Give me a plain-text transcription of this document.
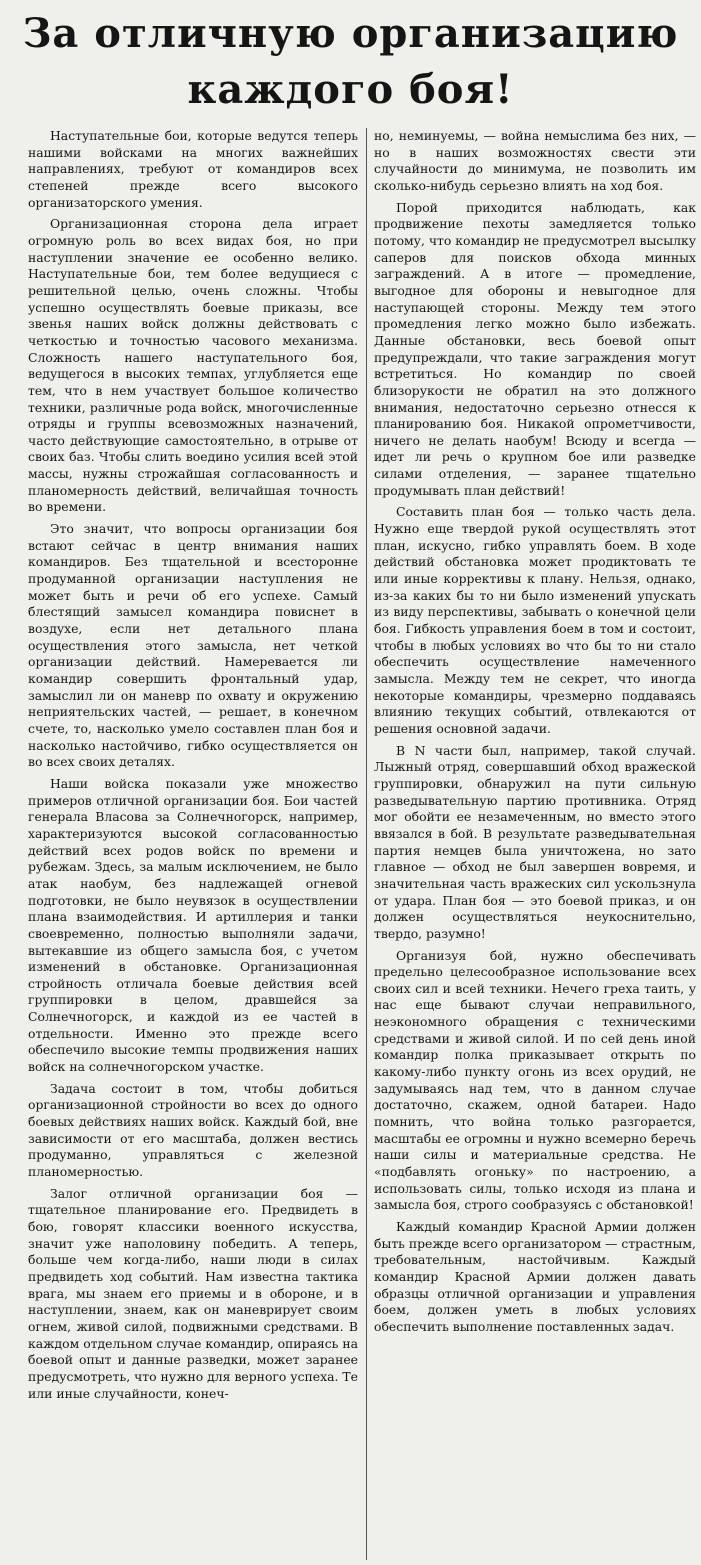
За отличную организацию
каждого боя!

Наступательные бои, которые ведутся теперь нашими войсками на многих важнейших направлениях, требуют от командиров всех степеней прежде всего высокого организаторского умения.

Организационная сторона дела играет огромную роль во всех видах боя, но при наступлении значение ее особенно велико. Наступательные бои, тем более ведущиеся с решительной целью, очень сложны. Чтобы успешно осуществлять боевые приказы, все звенья наших войск должны действовать с четкостью и точностью часового механизма. Сложность нашего наступательного боя, ведущегося в высоких темпах, углубляется еще тем, что в нем участвует большое количество техники, различные рода войск, многочисленные отряды и группы всевозможных назначений, часто действующие самостоятельно, в отрыве от своих баз. Чтобы слить воедино усилия всей этой массы, нужны строжайшая согласованность и планомерность действий, величайшая точность во времени.

Это значит, что вопросы организации боя встают сейчас в центр внимания наших командиров. Без тщательной и всесторонне продуманной организации наступления не может быть и речи об его успехе. Самый блестящий замысел командира повиснет в воздухе, если нет детального плана осуществления этого замысла, нет четкой организации действий. Намеревается ли командир совершить фронтальный удар, замыслил ли он маневр по охвату и окружению неприятельских частей, — решает, в конечном счете, то, насколько умело составлен план боя и насколько настойчиво, гибко осуществляется он во всех своих деталях.

Наши войска показали уже множество примеров отличной организации боя. Бои частей генерала Власова за Солнечногорск, например, характеризуются высокой согласованностью действий всех родов войск по времени и рубежам. Здесь, за малым исключением, не было атак наобум, без надлежащей огневой подготовки, не было неувязок в осуществлении плана взаимодействия. И артиллерия и танки своевременно, полностью выполняли задачи, вытекавшие из общего замысла боя, с учетом изменений в обстановке. Организационная стройность отличала боевые действия всей группировки в целом, дравшейся за Солнечногорск, и каждой из ее частей в отдельности. Именно это прежде всего обеспечило высокие темпы продвижения наших войск на солнечногорском участке.

Задача состоит в том, чтобы добиться организационной стройности во всех до одного боевых действиях наших войск. Каждый бой, вне зависимости от его масштаба, должен вестись продуманно, управляться с железной планомерностью.

Залог отличной организации боя — тщательное планирование его. Предвидеть в бою, говорят классики военного искусства, значит уже наполовину победить. А теперь, больше чем когда-либо, наши люди в силах предвидеть ход событий. Нам известна тактика врага, мы знаем его приемы и в обороне, и в наступлении, знаем, как он маневрирует своим огнем, живой силой, подвижными средствами. В каждом отдельном случае командир, опираясь на боевой опыт и данные разведки, может заранее предусмотреть, что нужно для верного успеха. Те или иные случайности, конеч-

но, неминуемы, — война немыслима без них, — но в наших возможностях свести эти случайности до минимума, не позволить им сколько-нибудь серьезно влиять на ход боя.

Порой приходится наблюдать, как продвижение пехоты замедляется только потому, что командир не предусмотрел высылку саперов для поисков обхода минных заграждений. А в итоге — промедление, выгодное для обороны и невыгодное для наступающей стороны. Между тем этого промедления легко можно было избежать. Данные обстановки, весь боевой опыт предупреждали, что такие заграждения могут встретиться. Но командир по своей близорукости не обратил на это должного внимания, недостаточно серьезно отнесся к планированию боя. Никакой опрометчивости, ничего не делать наобум! Всюду и всегда — идет ли речь о крупном бое или разведке силами отделения, — заранее тщательно продумывать план действий!

Составить план боя — только часть дела. Нужно еще твердой рукой осуществлять этот план, искусно, гибко управлять боем. В ходе действий обстановка может продиктовать те или иные коррективы к плану. Нельзя, однако, из-за каких бы то ни было изменений упускать из виду перспективы, забывать о конечной цели боя. Гибкость управления боем в том и состоит, чтобы в любых условиях во что бы то ни стало обеспечить осуществление намеченного замысла. Между тем не секрет, что иногда некоторые командиры, чрезмерно поддаваясь влиянию текущих событий, отвлекаются от решения основной задачи.

В N части был, например, такой случай. Лыжный отряд, совершавший обход вражеской группировки, обнаружил на пути сильную разведывательную партию противника. Отряд мог обойти ее незамеченным, но вместо этого ввязался в бой. В результате разведывательная партия немцев была уничтожена, но зато главное — обход не был завершен вовремя, и значительная часть вражеских сил ускользнула от удара. План боя — это боевой приказ, и он должен осуществляться неукоснительно, твердо, разумно!

Организуя бой, нужно обеспечивать предельно целесообразное использование всех своих сил и всей техники. Нечего греха таить, у нас еще бывают случаи неправильного, неэкономного обращения с техническими средствами и живой силой. И по сей день иной командир полка приказывает открыть по какому-либо пункту огонь из всех орудий, не задумываясь над тем, что в данном случае достаточно, скажем, одной батареи. Надо помнить, что война только разгорается, масштабы ее огромны и нужно всемерно беречь наши силы и материальные средства. Не «подбавлять огоньку» по настроению, а использовать силы, только исходя из плана и замысла боя, строго сообразуясь с обстановкой!

Каждый командир Красной Армии должен быть прежде всего организатором — страстным, требовательным, настойчивым. Каждый командир Красной Армии должен давать образцы отличной организации и управления боем, должен уметь в любых условиях обеспечить выполнение поставленных задач.
